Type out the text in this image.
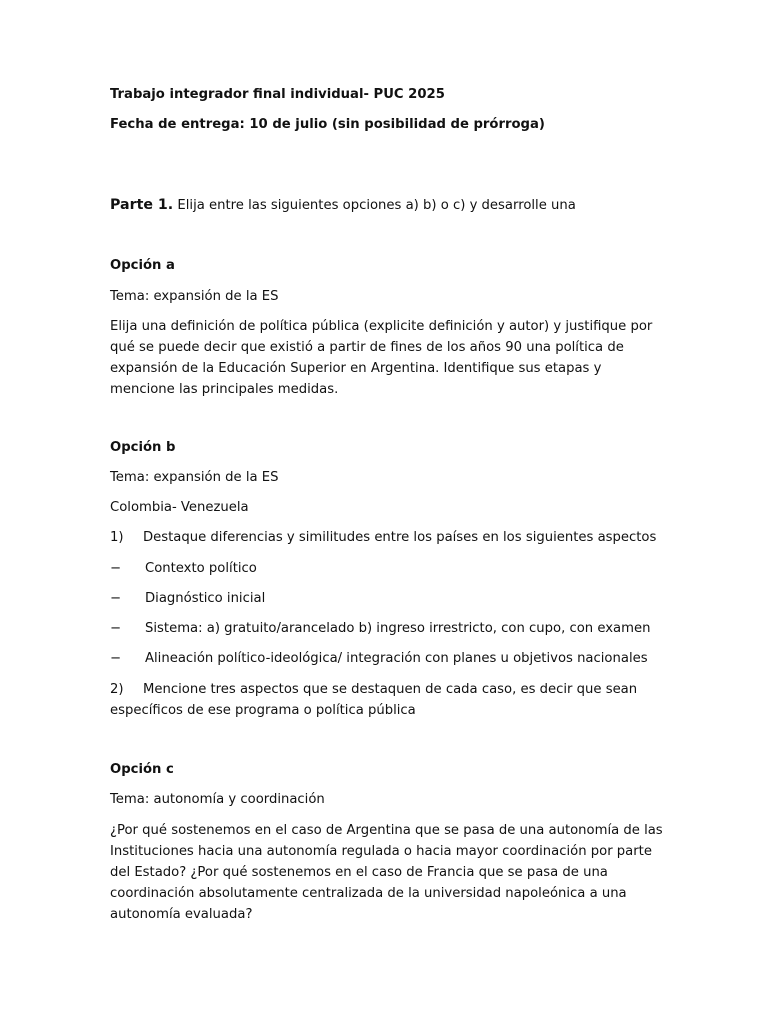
Trabajo integrador final individual- PUC 2025
Fecha de entrega: 10 de julio (sin posibilidad de prórroga)
Parte 1. Elija entre las siguientes opciones a) b) o c) y desarrolle una
Opción a
Tema: expansión de la ES
Elija una definición de política pública (explicite definición y autor) y justifique por qué se puede decir que existió a partir de fines de los años 90 una política de expansión de la Educación Superior en Argentina. Identifique sus etapas y mencione las principales medidas.
Opción b
Tema: expansión de la ES
Colombia- Venezuela
1) Destaque diferencias y similitudes entre los países en los siguientes aspectos
− Contexto político
− Diagnóstico inicial
− Sistema: a) gratuito/arancelado b) ingreso irrestricto, con cupo, con examen
− Alineación político-ideológica/ integración con planes u objetivos nacionales
2) Mencione tres aspectos que se destaquen de cada caso, es decir que sean específicos de ese programa o política pública
Opción c
Tema: autonomía y coordinación
¿Por qué sostenemos en el caso de Argentina que se pasa de una autonomía de las Instituciones hacia una autonomía regulada o hacia mayor coordinación por parte del Estado? ¿Por qué sostenemos en el caso de Francia que se pasa de una coordinación absolutamente centralizada de la universidad napoleónica a una autonomía evaluada?
